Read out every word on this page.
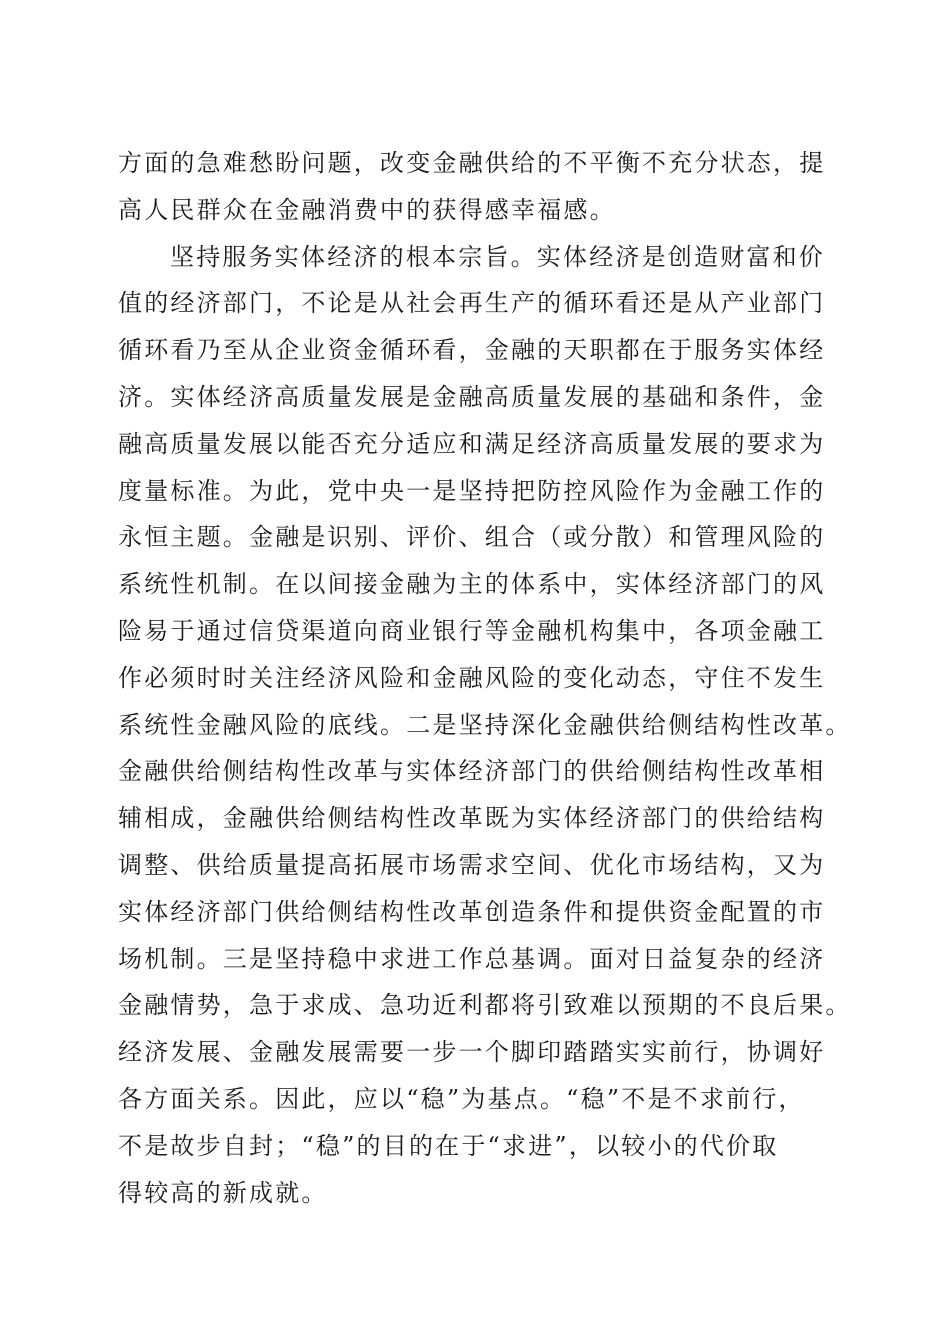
方面的急难愁盼问题，改变金融供给的不平衡不充分状态，提
高人民群众在金融消费中的获得感幸福感。
坚持服务实体经济的根本宗旨。实体经济是创造财富和价
值的经济部门，不论是从社会再生产的循环看还是从产业部门
循环看乃至从企业资金循环看，金融的天职都在于服务实体经
济。实体经济高质量发展是金融高质量发展的基础和条件，金
融高质量发展以能否充分适应和满足经济高质量发展的要求为
度量标准。为此，党中央一是坚持把防控风险作为金融工作的
永恒主题。金融是识别、评价、组合（或分散）和管理风险的
系统性机制。在以间接金融为主的体系中，实体经济部门的风
险易于通过信贷渠道向商业银行等金融机构集中，各项金融工
作必须时时关注经济风险和金融风险的变化动态，守住不发生
系统性金融风险的底线。二是坚持深化金融供给侧结构性改革。
金融供给侧结构性改革与实体经济部门的供给侧结构性改革相
辅相成，金融供给侧结构性改革既为实体经济部门的供给结构
调整、供给质量提高拓展市场需求空间、优化市场结构，又为
实体经济部门供给侧结构性改革创造条件和提供资金配置的市
场机制。三是坚持稳中求进工作总基调。面对日益复杂的经济
金融情势，急于求成、急功近利都将引致难以预期的不良后果。
经济发展、金融发展需要一步一个脚印踏踏实实前行，协调好
各方面关系。因此，应以“稳”为基点。“稳”不是不求前行，
不是故步自封；“稳”的目的在于“求进”，以较小的代价取
得较高的新成就。
